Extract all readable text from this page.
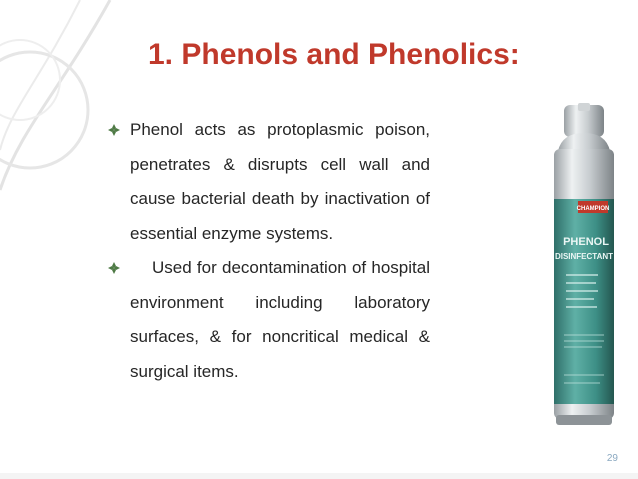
1. Phenols and Phenolics:
Phenol acts as protoplasmic poison, penetrates & disrupts cell wall and cause bacterial death by inactivation of essential enzyme systems.
Used for decontamination of hospital environment including laboratory surfaces, & for noncritical medical & surgical items.
CHAMPION
PHENOL
DISINFECTANT
29
